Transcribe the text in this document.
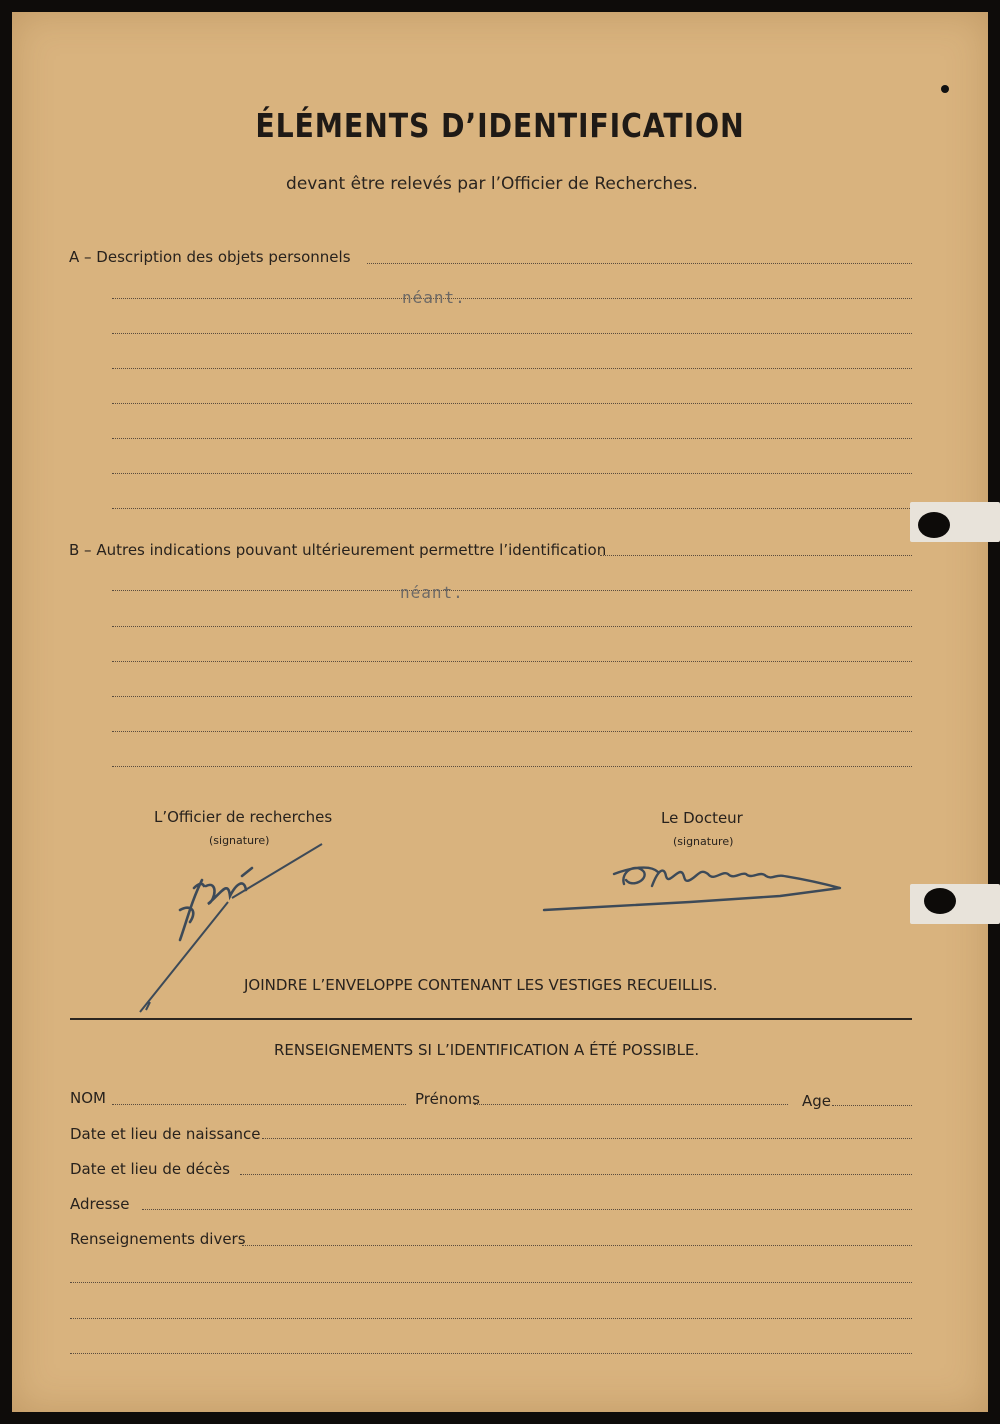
ÉLÉMENTS D’IDENTIFICATION
devant être relevés par l’Officier de Recherches.
A – Description des objets personnels
néant.
B – Autres indications pouvant ultérieurement permettre l’identification
néant.
L’Officier de recherches
(signature)
Le Docteur
(signature)
JOINDRE L’ENVELOPPE CONTENANT LES VESTIGES RECUEILLIS.
RENSEIGNEMENTS SI L’IDENTIFICATION A ÉTÉ POSSIBLE.
NOM	Prénoms	Age
Date et lieu de naissance
Date et lieu de décès
Adresse
Renseignements divers
